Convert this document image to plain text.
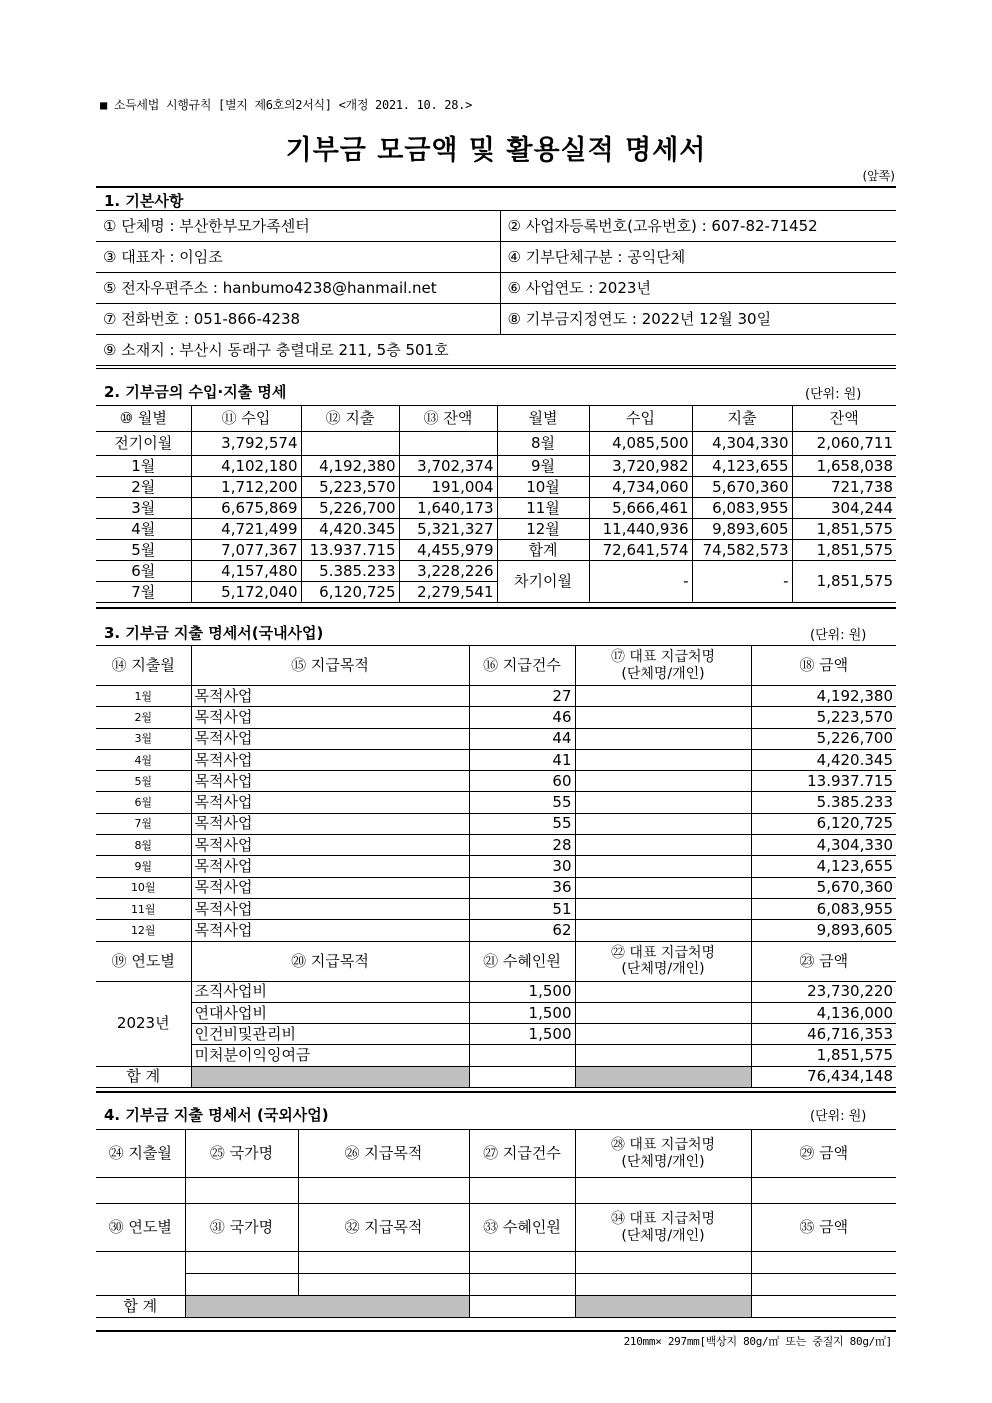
■ 소득세법 시행규칙 [별지 제6호의2서식] <개정 2021. 10. 28.>
기부금 모금액 및 활용실적 명세서
(앞쪽)
1. 기본사항
① 단체명 : 부산한부모가족센터	② 사업자등록번호(고유번호) : 607-82-71452
③ 대표자 : 이임조	④ 기부단체구분 : 공익단체
⑤ 전자우편주소 : hanbumo4238@hanmail.net	⑥ 사업연도 : 2023년
⑦ 전화번호 : 051-866-4238	⑧ 기부금지정연도 : 2022년 12월 30일
⑨ 소재지 : 부산시 동래구 충렬대로 211, 5층 501호	
2. 기부금의 수입·지출 명세	(단위: 원)
⑩ 월별	⑪ 수입	⑫ 지출	⑬ 잔액	월별	수입	지출	잔액
전기이월	3,792,574			8월	4,085,500	4,304,330	2,060,711
1월	4,102,180	4,192,380	3,702,374	9월	3,720,982	4,123,655	1,658,038
2월	1,712,200	5,223,570	191,004	10월	4,734,060	5,670,360	721,738
3월	6,675,869	5,226,700	1,640,173	11월	5,666,461	6,083,955	304,244
4월	4,721,499	4,420.345	5,321,327	12월	11,440,936	9,893,605	1,851,575
5월	7,077,367	13.937.715	4,455,979	합계	72,641,574	74,582,573	1,851,575
6월	4,157,480	5.385.233	3,228,226	차기이월	-	-	1,851,575
7월	5,172,040	6,120,725	2,279,541				
3. 기부금 지출 명세서(국내사업)	(단위: 원)
⑭ 지출월	⑮ 지급목적	⑯ 지급건수	⑰ 대표 지급처명
(단체명/개인)	⑱ 금액
1월	목적사업	27		4,192,380
2월	목적사업	46		5,223,570
3월	목적사업	44		5,226,700
4월	목적사업	41		4,420.345
5월	목적사업	60		13.937.715
6월	목적사업	55		5.385.233
7월	목적사업	55		6,120,725
8월	목적사업	28		4,304,330
9월	목적사업	30		4,123,655
10월	목적사업	36		5,670,360
11월	목적사업	51		6,083,955
12월	목적사업	62		9,893,605
⑲ 연도별	⑳ 지급목적	㉑ 수혜인원	㉒ 대표 지급처명
(단체명/개인)	㉓ 금액
2023년	조직사업비	1,500		23,730,220
	연대사업비	1,500		4,136,000
	인건비및관리비	1,500		46,716,353
	미처분이익잉여금			1,851,575
합 계				76,434,148
4. 기부금 지출 명세서 (국외사업)	(단위: 원)
㉔ 지출월	㉕ 국가명	㉖ 지급목적	㉗ 지급건수	㉘ 대표 지급처명
(단체명/개인)	㉙ 금액

㉚ 연도별	㉛ 국가명	㉜ 지급목적	㉝ 수혜인원	㉞ 대표 지급처명
(단체명/개인)	㉟ 금액

합 계					
210mm× 297mm[백상지 80g/㎡ 또는 중질지 80g/㎡]
